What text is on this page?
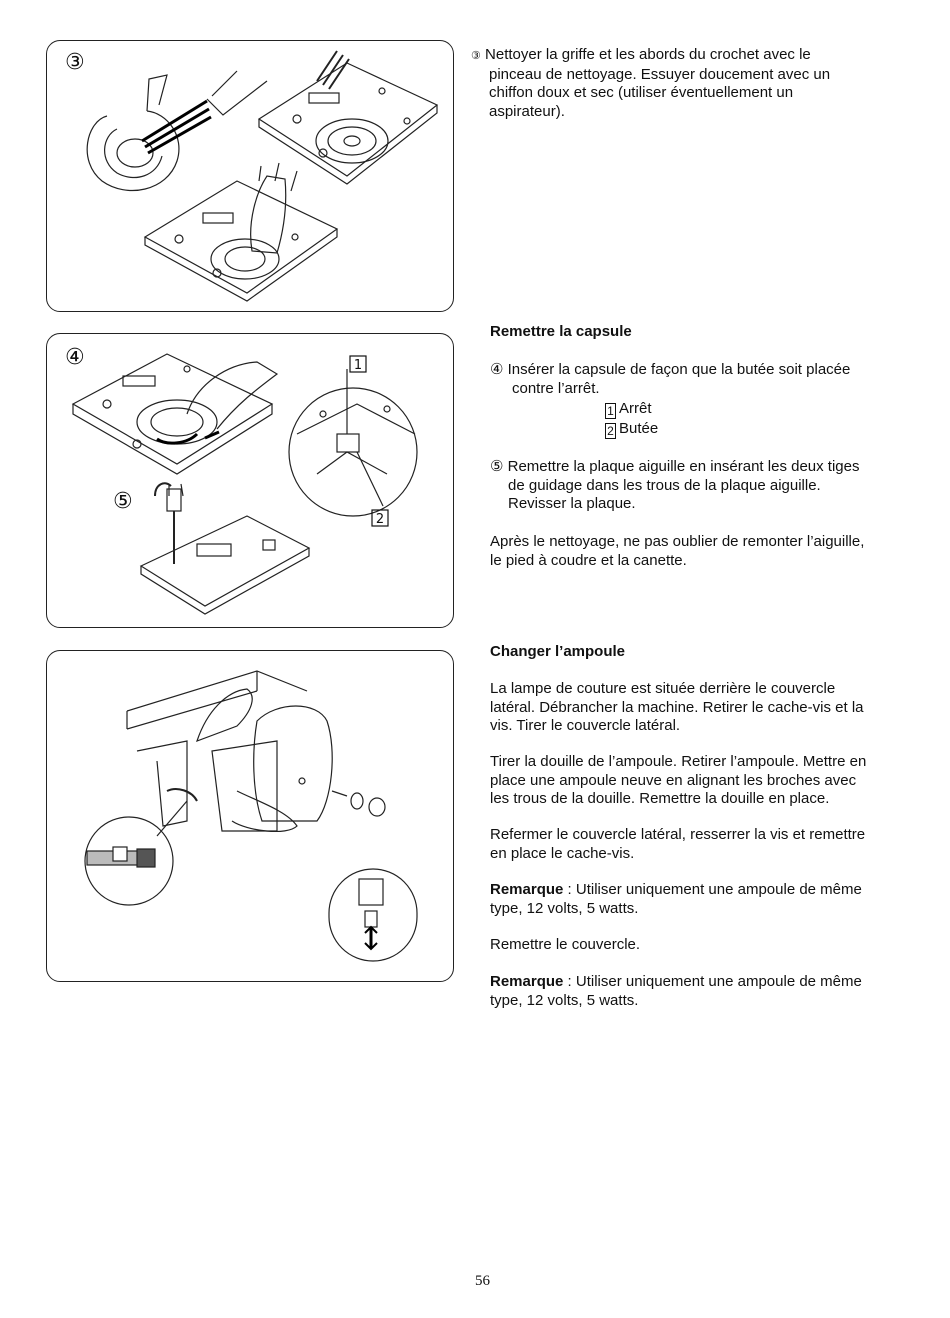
③	③ Nettoyer la griffe et les abords du crochet avec le
pinceau de nettoyage. Essuyer doucement avec un
chiffon doux et sec (utiliser éventuellement un
aspirateur).
④
⑤
1
2
Remettre la capsule
④ Insérer la capsule de façon que la butée soit placée
contre l’arrêt.
1 Arrêt
2 Butée
⑤ Remettre la plaque aiguille en insérant les deux tiges
de guidage dans les trous de la plaque aiguille.
Revisser la plaque.
Après le nettoyage, ne pas oublier de remonter l’aiguille,
le pied à coudre et la canette.
Changer l’ampoule
La lampe de couture est située derrière le couvercle
latéral. Débrancher la machine. Retirer le cache-vis et la
vis. Tirer le couvercle latéral.
Tirer la douille de l’ampoule. Retirer l’ampoule. Mettre en
place une ampoule neuve en alignant les broches avec
les trous de la douille. Remettre la douille en place.
Refermer le couvercle latéral, resserrer la vis et remettre
en place le cache-vis.
Remarque : Utiliser uniquement une ampoule de même
type, 12 volts, 5 watts.
Remettre le couvercle.
Remarque : Utiliser uniquement une ampoule de même
type, 12 volts, 5 watts.
56
